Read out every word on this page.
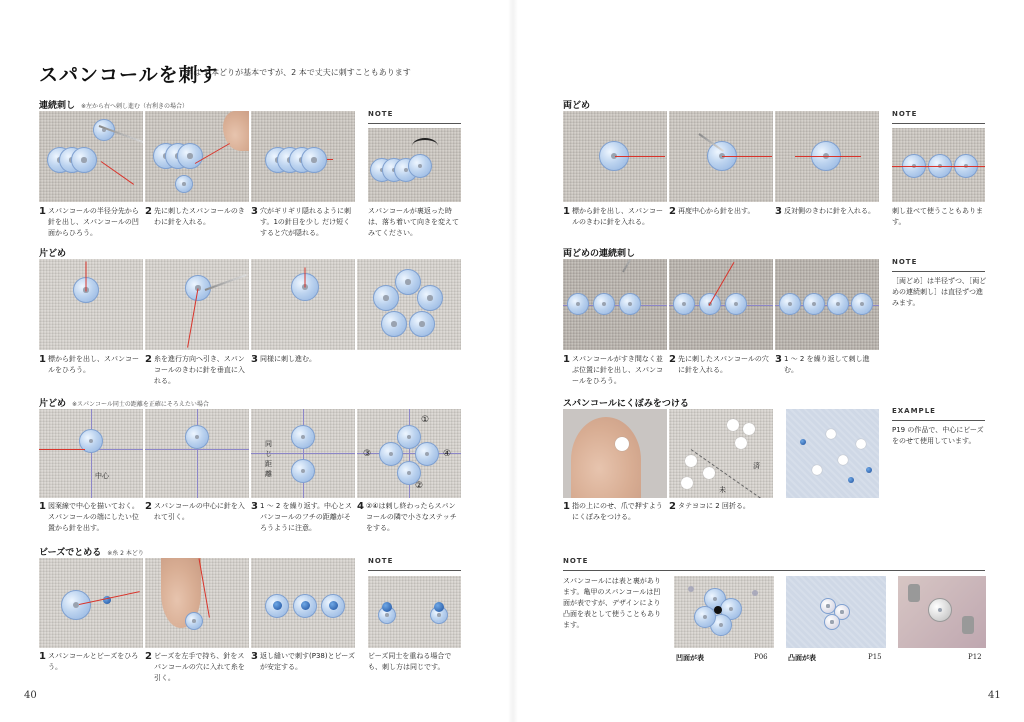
スパンコールを刺す
糸は 1 本どりが基本ですが、2 本で丈夫に刺すこともあります
連続刺し ※左から右へ刺し進む（右利きの場合）
1 スパンコールの半径分先から針を出し、スパンコールの凹面からひろう。
2 先に刺したスパンコールのきわに針を入れる。
3 穴がギリギリ隠れるように刺す。1の針目を少し だけ短くすると穴が隠れる。
NOTE
スパンコールが裏返った時は、落ち着いて向きを変えてみてください。
片どめ
1 標から針を出し、スパンコールをひろう。
2 糸を進行方向へ引き、スパンコールのきわに針を垂直に入れる。
3 同様に刺し進む。
片どめ ※スパンコール同士の距離を正確にそろえたい場合
中心
同じ距離
①
②
③	④
1 図案線で中心を描いておく。スパンコールの端にしたい位置から針を出す。
2 スパンコールの中心に針を入れて引く。
3 1 ～ 2 を繰り返す。中心とスパンコールのフチの距離がそろうように注意。
4 ②④は刺し終わったらスパンコールの隣で小さなステッチをする。
ビーズでとめる ※糸 2 本どり
1 スパンコールとビーズをひろう。
2 ビーズを左手で持ち、針をスパンコールの穴に入れて糸を引く。
3 返し縫いで刺す(P38)とビーズが安定する。
NOTE
ビーズ同士を重ねる場合でも、刺し方は同じです。
40
両どめ
1 標から針を出し、スパンコールのきわに針を入れる。
2 再度中心から針を出す。	3 反対側のきわに針を入れる。
NOTE
刺し並べて使うこともあります。
両どめの連続刺し
1 スパンコールがすき間なく並ぶ位置に針を出し、スパンコールをひろう。
2 先に刺したスパンコールの穴に針を入れる。
3 1 ～ 2 を繰り返して刺し進む。
NOTE
［両どめ］は半径ずつ、［両どめの連続刺し］は直径ずつ進みます。
スパンコールにくぼみをつける
済
未
1 指の上にのせ、爪で押すようにくぼみをつける。
2 タテヨコに 2 回折る。
EXAMPLE
P19 の作品で、中心にビーズをのせて使用しています。
NOTE
スパンコールには表と裏があります。亀甲のスパンコールは凹面が表ですが、デザインにより凸面を表として使うこともあります。
凹面が表	P06	凸面が表	P15	P12
41
